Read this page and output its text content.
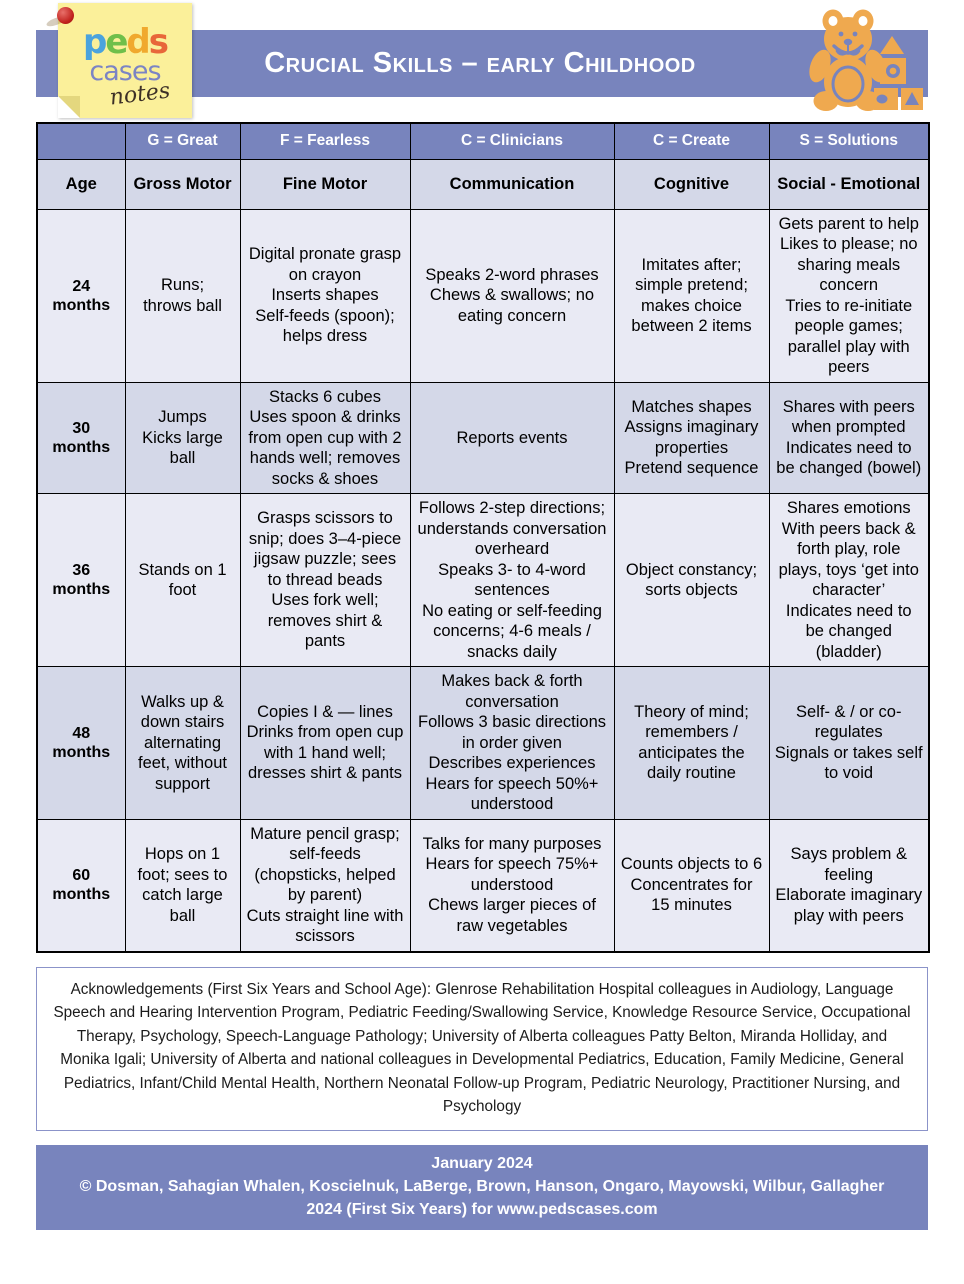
Crucial Skills – early Childhood
peds
cases
notes
	G = Great	F = Fearless	C = Clinicians	C = Create	S = Solutions
Age	Gross Motor	Fine Motor	Communication	Cognitive	Social - Emotional
24 months	Runs;
throws ball	Digital pronate grasp on crayon
Inserts shapes
Self-feeds (spoon); helps dress	Speaks 2-word phrases
Chews & swallows; no eating concern	Imitates after; simple pretend; makes choice between 2 items	Gets parent to help
Likes to please; no sharing meals concern
Tries to re-initiate people games; parallel play with peers
30 months	Jumps
Kicks large ball	Stacks 6 cubes
Uses spoon & drinks from open cup with 2 hands well; removes socks & shoes	Reports events	Matches shapes
Assigns imaginary properties
Pretend sequence	Shares with peers when prompted
Indicates need to be changed (bowel)
36 months	Stands on 1 foot	Grasps scissors to snip; does 3–4-piece jigsaw puzzle; sees to thread beads
Uses fork well; removes shirt & pants	Follows 2-step directions; understands conversation overheard
Speaks 3- to 4-word sentences
No eating or self-feeding concerns; 4-6 meals / snacks daily	Object constancy; sorts objects	Shares emotions
With peers back & forth play, role plays, toys ‘get into character’
Indicates need to be changed (bladder)
48 months	Walks up & down stairs alternating feet, without support	Copies I & — lines
Drinks from open cup with 1 hand well; dresses shirt & pants	Makes back & forth conversation
Follows 3 basic directions in order given
Describes experiences
Hears for speech 50%+ understood	Theory of mind; remembers / anticipates the daily routine	Self- & / or co-regulates
Signals or takes self to void
60 months	Hops on 1 foot; sees to catch large ball	Mature pencil grasp; self-feeds (chopsticks, helped by parent)
Cuts straight line with scissors	Talks for many purposes
Hears for speech 75%+ understood
Chews larger pieces of raw vegetables	Counts objects to 6
Concentrates for 15 minutes	Says problem & feeling
Elaborate imaginary play with peers
Acknowledgements (First Six Years and School Age): Glenrose Rehabilitation Hospital colleagues in Audiology, Language Speech and Hearing Intervention Program, Pediatric Feeding/Swallowing Service, Knowledge Resource Service, Occupational Therapy, Psychology, Speech-Language Pathology; University of Alberta colleagues Patty Belton, Miranda Holliday, and Monika Igali; University of Alberta and national colleagues in Developmental Pediatrics, Education, Family Medicine, General Pediatrics, Infant/Child Mental Health, Northern Neonatal Follow-up Program, Pediatric Neurology, Practitioner Nursing, and Psychology
January 2024
© Dosman, Sahagian Whalen, Koscielnuk, LaBerge, Brown, Hanson, Ongaro, Mayowski, Wilbur, Gallagher
2024 (First Six Years) for www.pedscases.com
